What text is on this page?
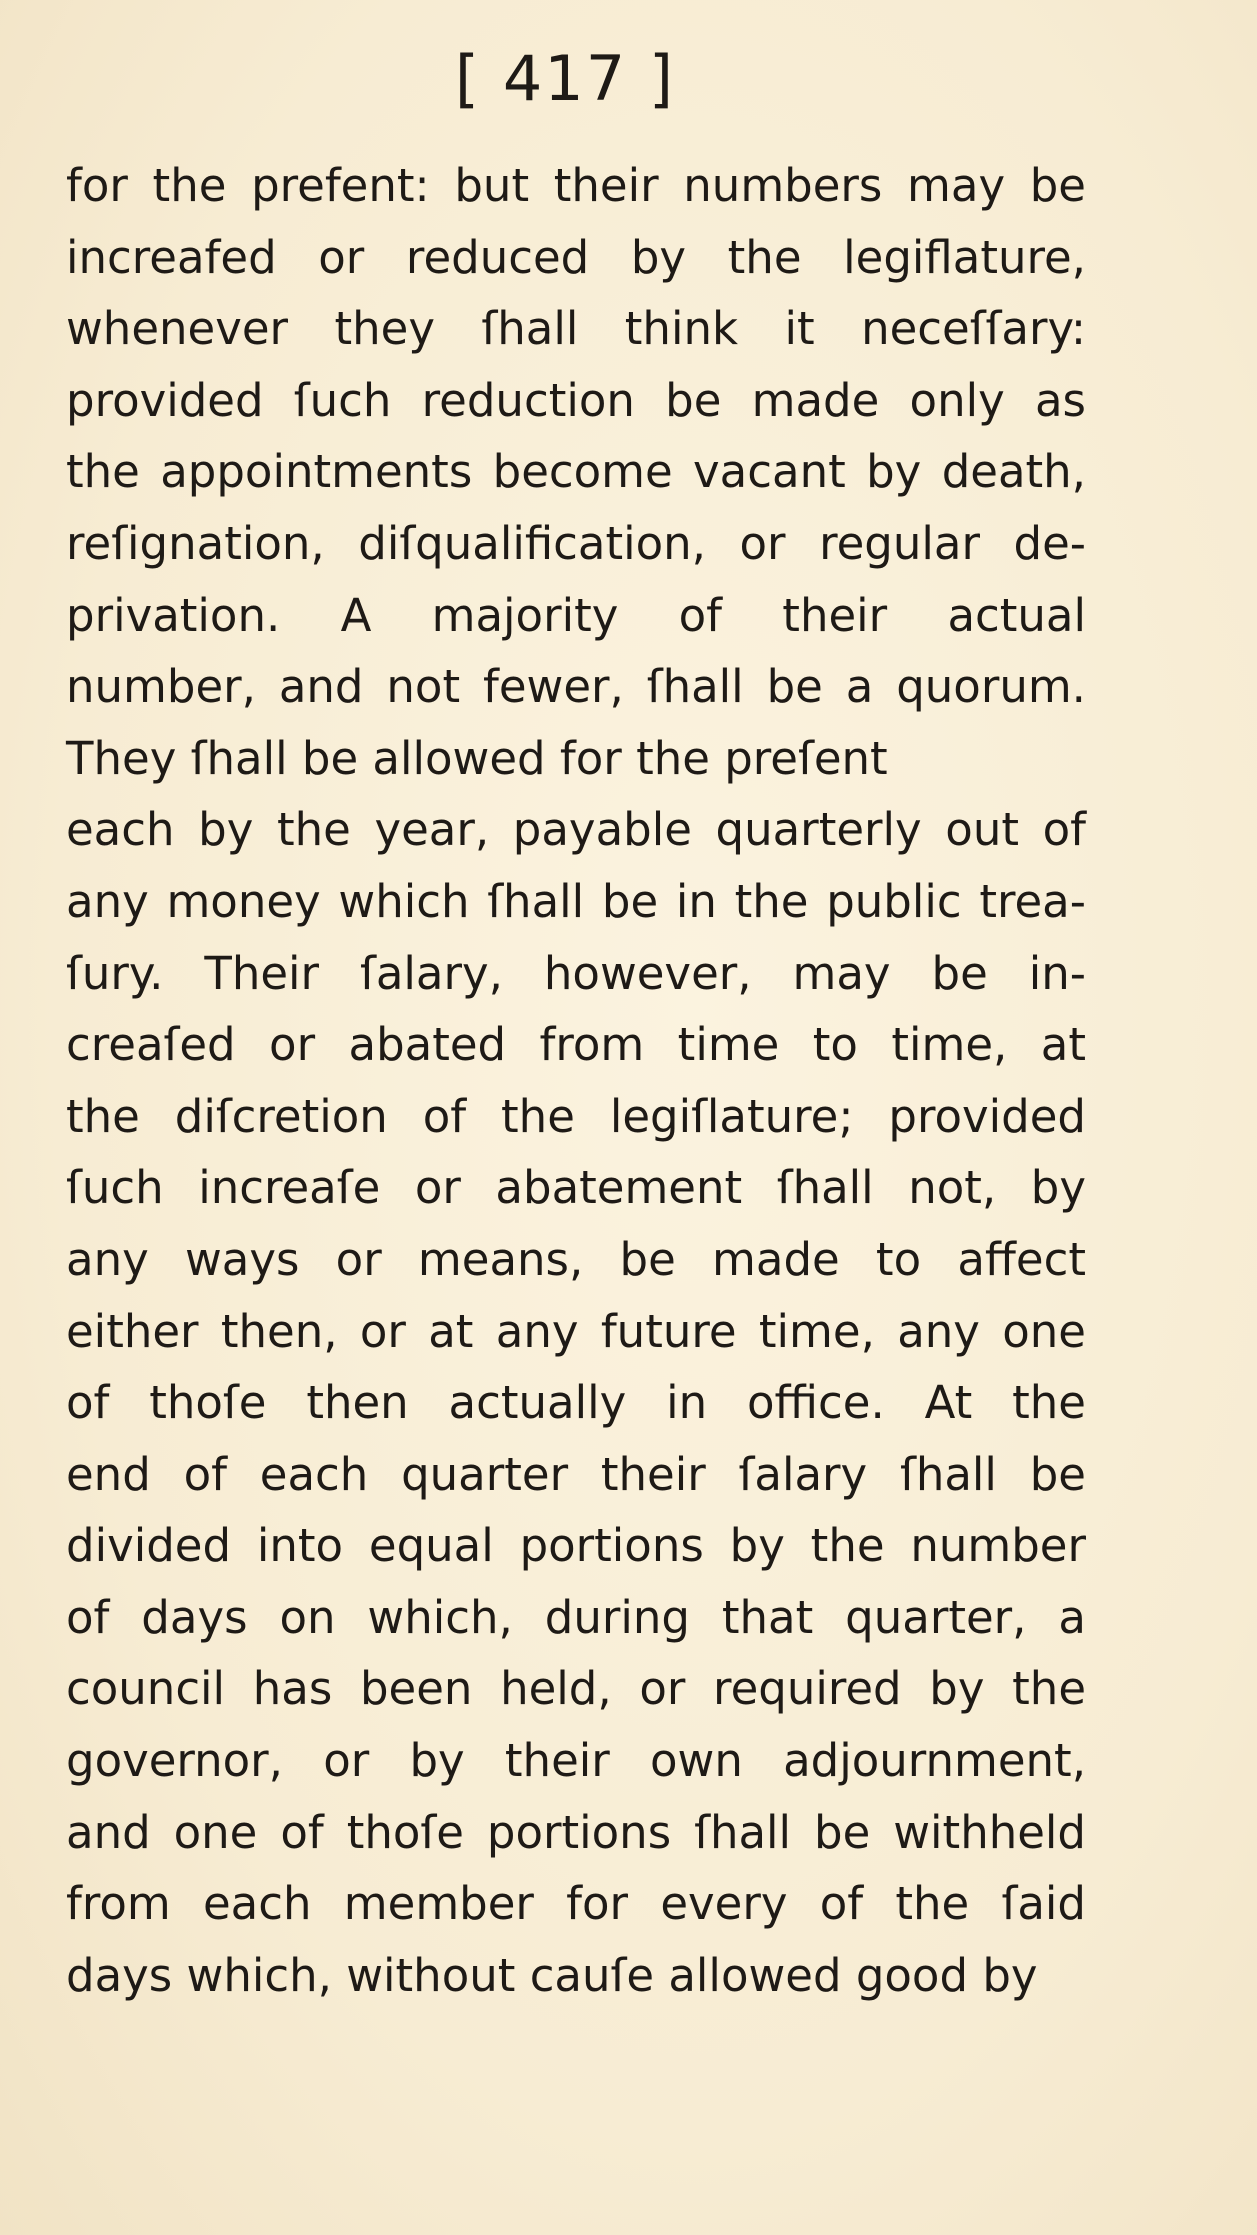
[ 417 ]
for the prefent: but their numbers may be
increafed or reduced by the legiflature,
whenever they ſhall think it neceſſary:
provided ſuch reduction be made only as
the appointments become vacant by death,
reſignation, diſqualification, or regular de-
privation. A majority of their actual
number, and not fewer, ſhall be a quorum.
They ſhall be allowed for the preſent
each by the year, payable quarterly out of
any money which ſhall be in the public trea-
ſury. Their ſalary, however, may be in-
creaſed or abated from time to time, at
the diſcretion of the legiſlature; provided
ſuch increaſe or abatement ſhall not, by
any ways or means, be made to affect
either then, or at any future time, any one
of thoſe then actually in office. At the
end of each quarter their ſalary ſhall be
divided into equal portions by the number
of days on which, during that quarter, a
council has been held, or required by the
governor, or by their own adjournment,
and one of thoſe portions ſhall be withheld
from each member for every of the ſaid
days which, without cauſe allowed good by
